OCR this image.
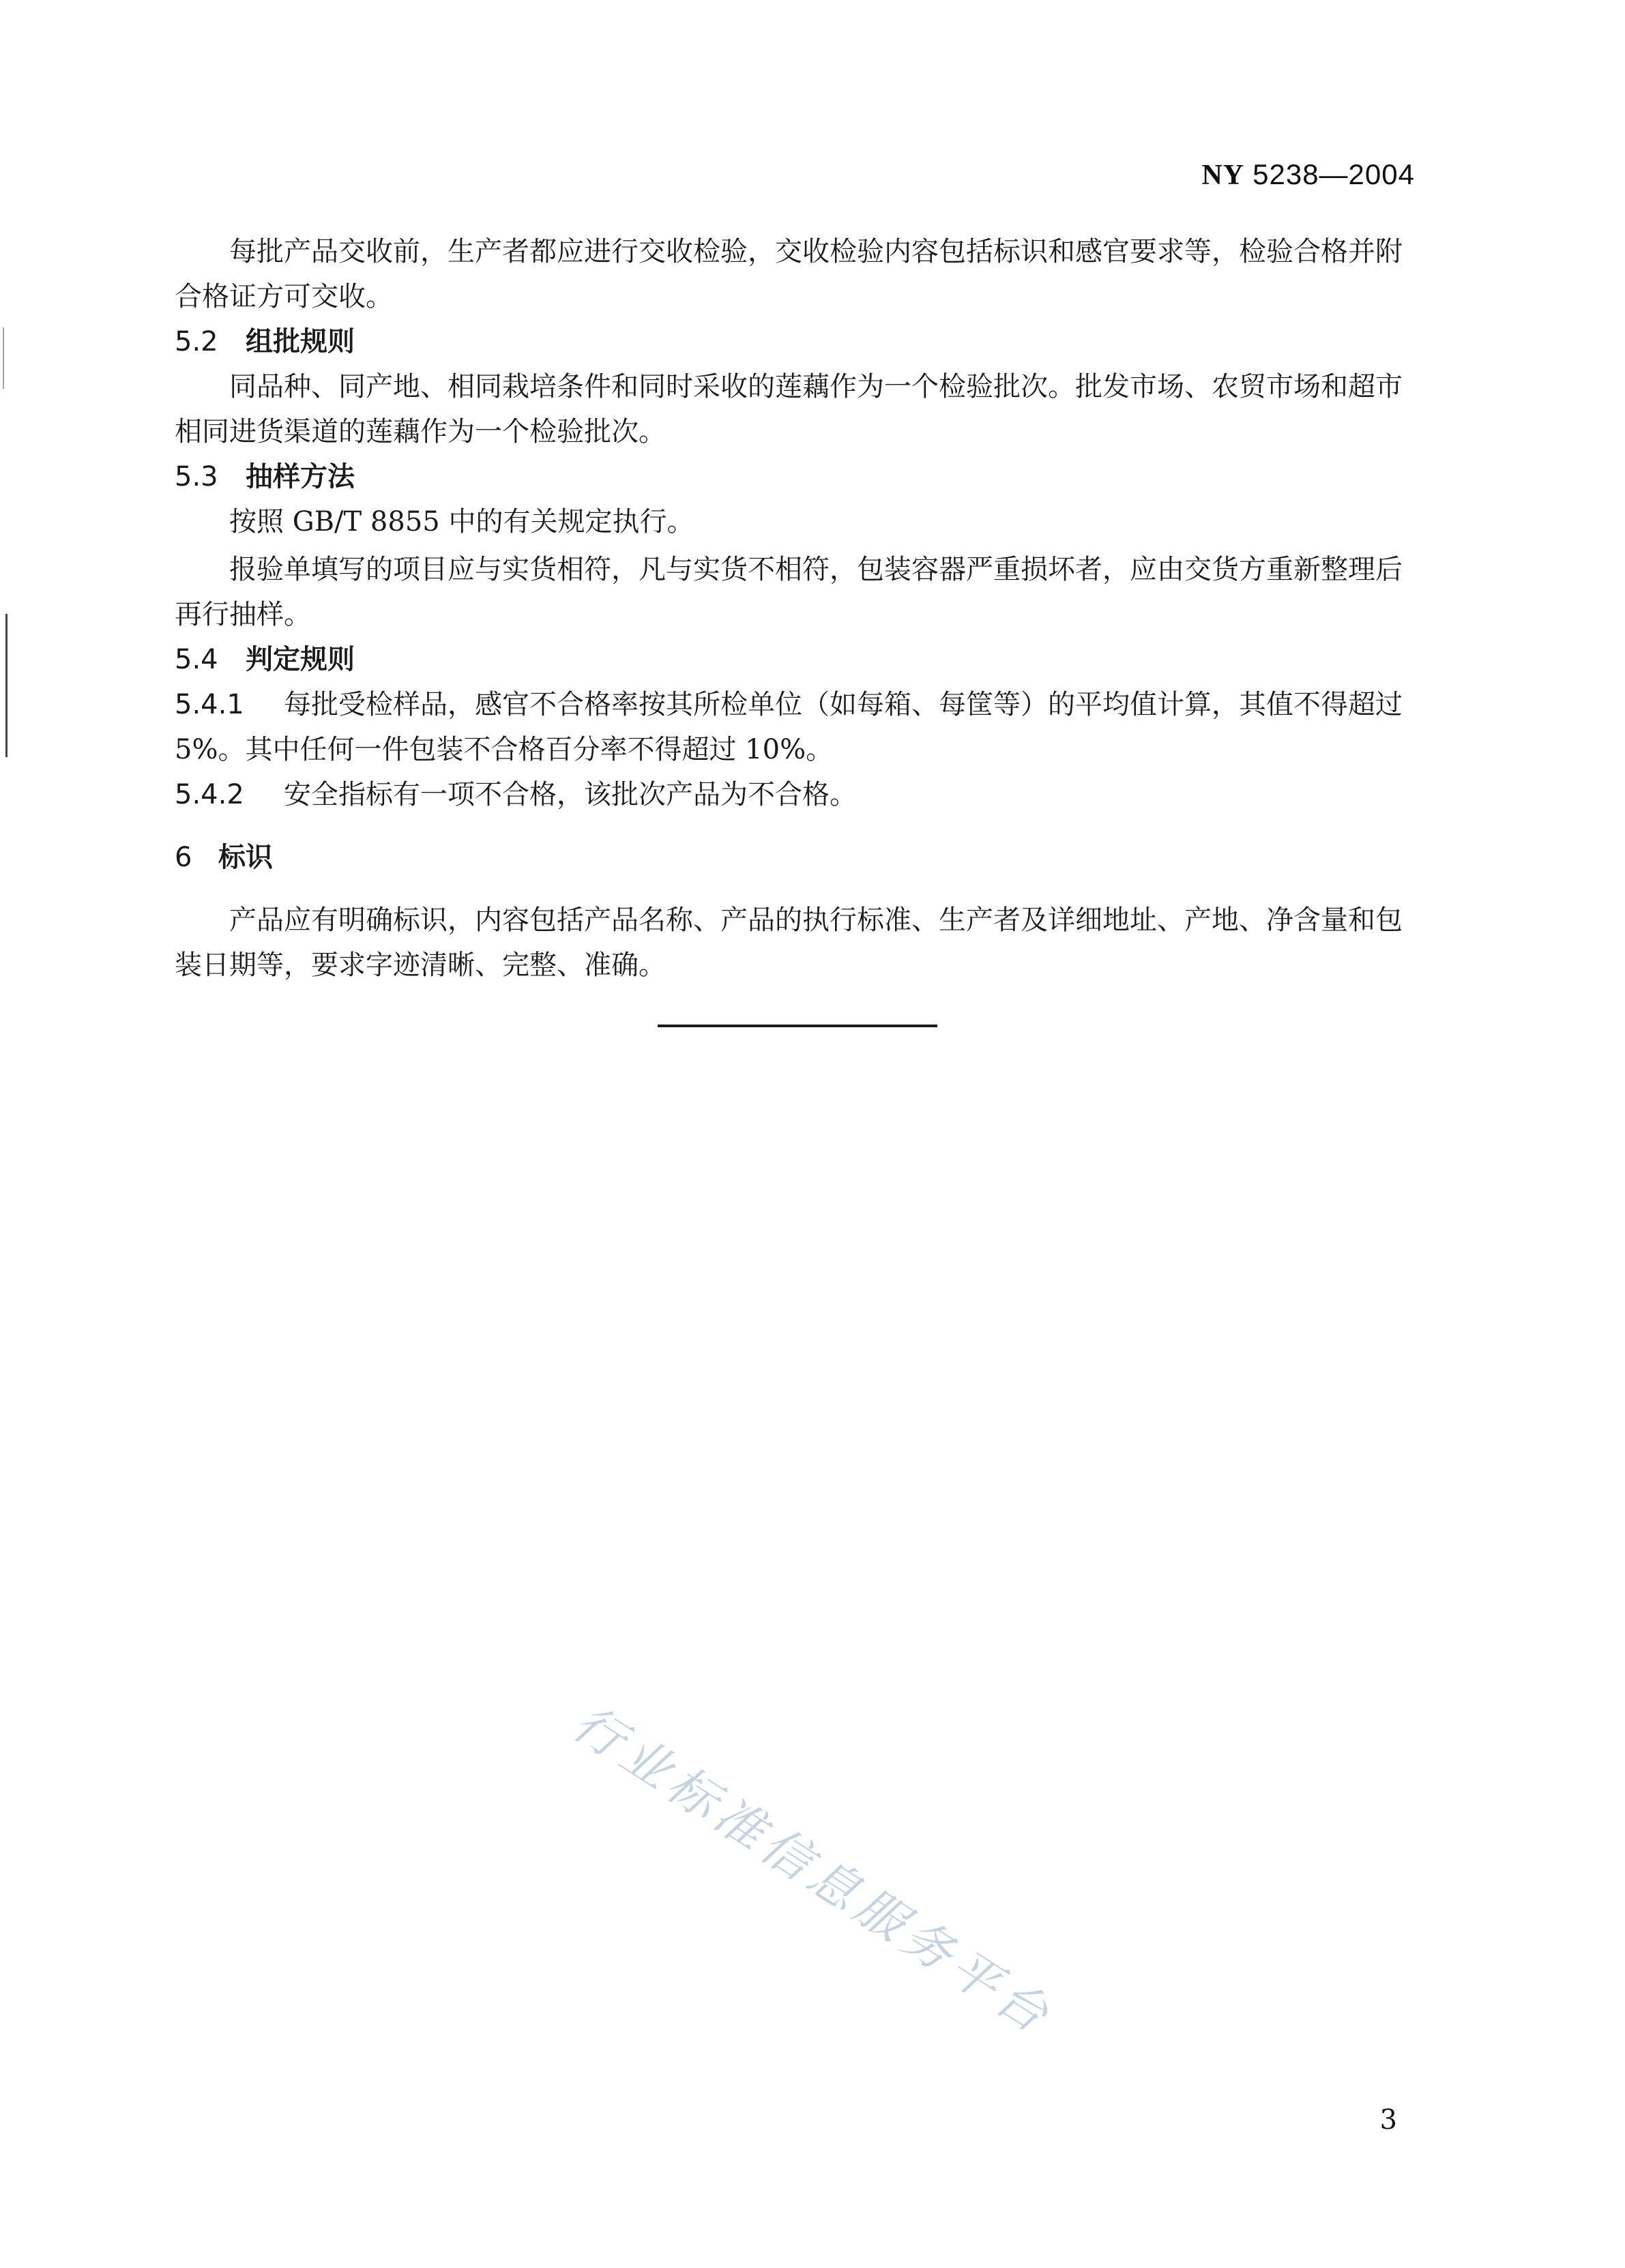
NY 5238—2004

每批产品交收前，生产者都应进行交收检验，交收检验内容包括标识和感官要求等，检验合格并附合格证方可交收。

5.2 组批规则

同品种、同产地、相同栽培条件和同时采收的莲藕作为一个检验批次。批发市场、农贸市场和超市相同进货渠道的莲藕作为一个检验批次。

5.3 抽样方法

按照 GB/T 8855 中的有关规定执行。

报验单填写的项目应与实货相符，凡与实货不相符，包装容器严重损坏者，应由交货方重新整理后再行抽样。

5.4 判定规则

5.4.1 每批受检样品，感官不合格率按其所检单位（如每箱、每筐等）的平均值计算，其值不得超过5%。其中任何一件包装不合格百分率不得超过 10%。

5.4.2 安全指标有一项不合格，该批次产品为不合格。

6 标识

产品应有明确标识，内容包括产品名称、产品的执行标准、生产者及详细地址、产地、净含量和包装日期等，要求字迹清晰、完整、准确。

行业标准信息服务平台
3
